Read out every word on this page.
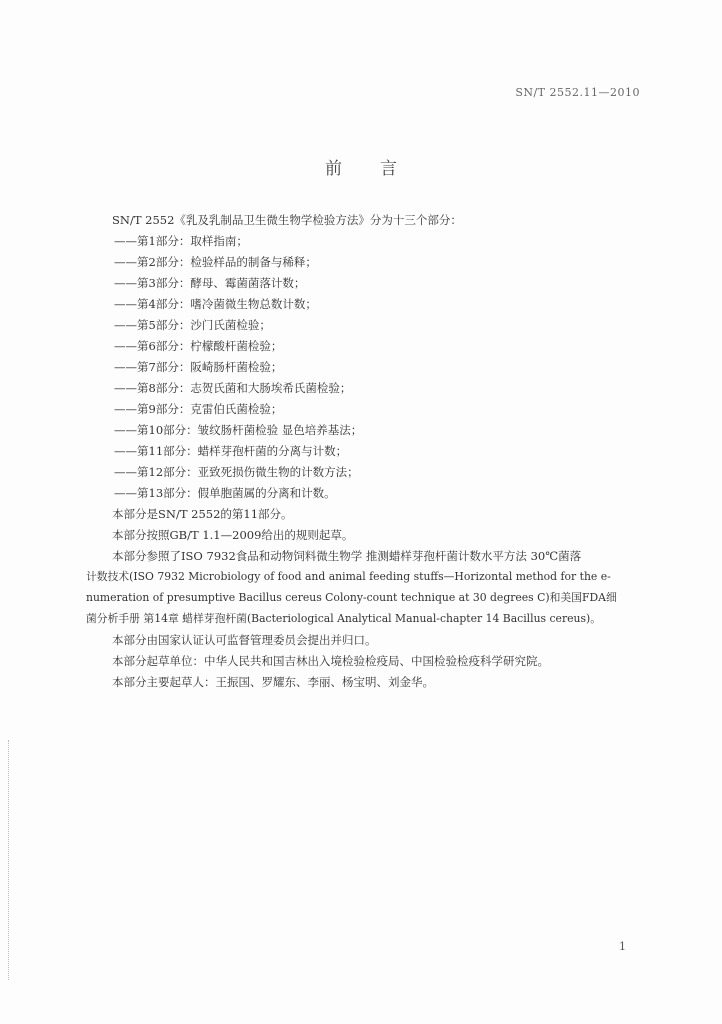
SN/T 2552.11—2010
前言
SN/T 2552《乳及乳制品卫生微生物学检验方法》分为十三个部分：
——第1部分：取样指南；
——第2部分：检验样品的制备与稀释；
——第3部分：酵母、霉菌菌落计数；
——第4部分：嗜冷菌微生物总数计数；
——第5部分：沙门氏菌检验；
——第6部分：柠檬酸杆菌检验；
——第7部分：阪崎肠杆菌检验；
——第8部分：志贺氏菌和大肠埃希氏菌检验；
——第9部分：克雷伯氏菌检验；
——第10部分：皱纹肠杆菌检验 显色培养基法；
——第11部分：蜡样芽孢杆菌的分离与计数；
——第12部分：亚致死损伤微生物的计数方法；
——第13部分：假单胞菌属的分离和计数。
本部分是SN/T 2552的第11部分。
本部分按照GB/T 1.1—2009给出的规则起草。
本部分参照了ISO 7932食品和动物饲料微生物学 推测蜡样芽孢杆菌计数水平方法 30℃菌落
计数技术(ISO 7932 Microbiology of food and animal feeding stuffs—Horizontal method for the e-
numeration of presumptive Bacillus cereus Colony-count technique at 30 degrees C)和美国FDA细
菌分析手册 第14章 蜡样芽孢杆菌(Bacteriological Analytical Manual-chapter 14 Bacillus cereus)。
本部分由国家认证认可监督管理委员会提出并归口。
本部分起草单位：中华人民共和国吉林出入境检验检疫局、中国检验检疫科学研究院。
本部分主要起草人：王振国、罗耀东、李丽、杨宝明、刘金华。
1
